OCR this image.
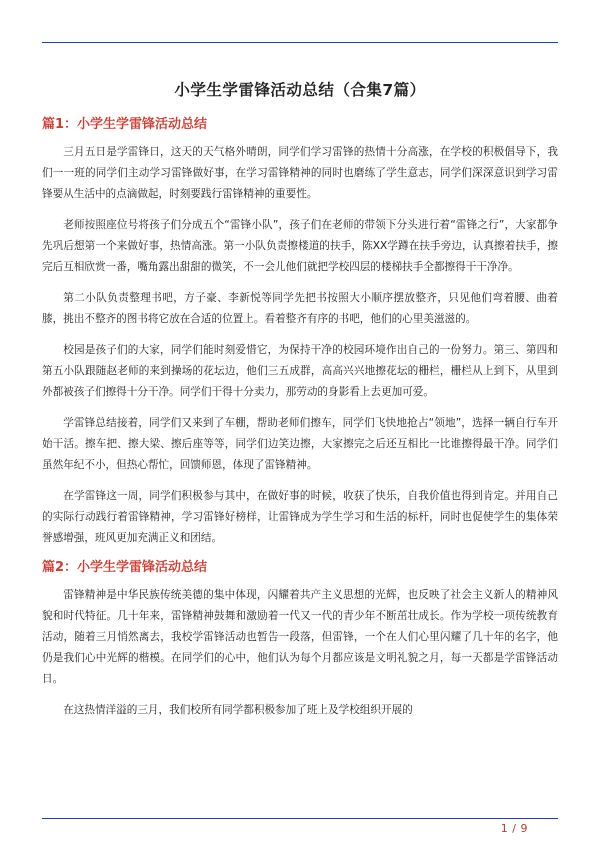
小学生学雷锋活动总结（合集7篇）
篇1：小学生学雷锋活动总结

三月五日是学雷锋日，这天的天气格外晴朗，同学们学习雷锋的热情十分高涨，在学校的积极倡导下，我们一一班的同学们主动学习雷锋做好事，在学习雷锋精神的同时也磨练了学生意志，同学们深深意识到学习雷锋要从生活中的点滴做起，时刻要践行雷锋精神的重要性。

老师按照座位号将孩子们分成五个“雷锋小队”，孩子们在老师的带领下分头进行着“雷锋之行”，大家都争先巩后想第一个来做好事，热情高涨。第一小队负责擦楼道的扶手，陈XX学蹲在扶手旁边，认真擦着扶手，擦完后互相欣赏一番，嘴角露出甜甜的微笑，不一会儿他们就把学校四层的楼梯扶手全都擦得干干净净。

第二小队负责整理书吧，方子豪、李新悦等同学先把书按照大小顺序摆放整齐，只见他们弯着腰、曲着膝，挑出不整齐的图书将它放在合适的位置上。看着整齐有序的书吧，他们的心里美滋滋的。

校园是孩子们的大家，同学们能时刻爱惜它，为保持干净的校园环境作出自己的一份努力。第三、第四和第五小队跟随赵老师的来到操场的花坛边，他们三五成群，高高兴兴地擦花坛的栅栏，栅栏从上到下，从里到外都被孩子们擦得十分干净。同学们干得十分卖力，那劳动的身影看上去更加可爱。

学雷锋总结接着，同学们又来到了车棚，帮助老师们擦车，同学们飞快地抢占“领地”，选择一辆自行车开始干活。擦车把、擦大梁、擦后座等等，同学们边笑边擦，大家擦完之后还互相比一比谁擦得最干净。同学们虽然年纪不小，但热心帮忙，回馈师恩，体现了雷锋精神。

在学雷锋这一周，同学们积极参与其中，在做好事的时候，收获了快乐，自我价值也得到肯定。并用自己的实际行动践行着雷锋精神，学习雷锋好榜样，让雷锋成为学生学习和生活的标杆，同时也促使学生的集体荣誉感增强，班风更加充满正义和团结。

篇2：小学生学雷锋活动总结

雷锋精神是中华民族传统美德的集中体现，闪耀着共产主义思想的光辉，也反映了社会主义新人的精神风貌和时代特征。几十年来，雷锋精神鼓舞和激励着一代又一代的青少年不断茁壮成长。作为学校一项传统教育活动，随着三月悄然离去，我校学雷锋活动也暂告一段落，但雷锋，一个在人们心里闪耀了几十年的名字，他仍是我们心中光辉的楷模。在同学们的心中，他们认为每个月都应该是文明礼貌之月，每一天都是学雷锋活动日。

在这热情洋溢的三月，我们校所有同学都积极参加了班上及学校组织开展的

1 / 9
